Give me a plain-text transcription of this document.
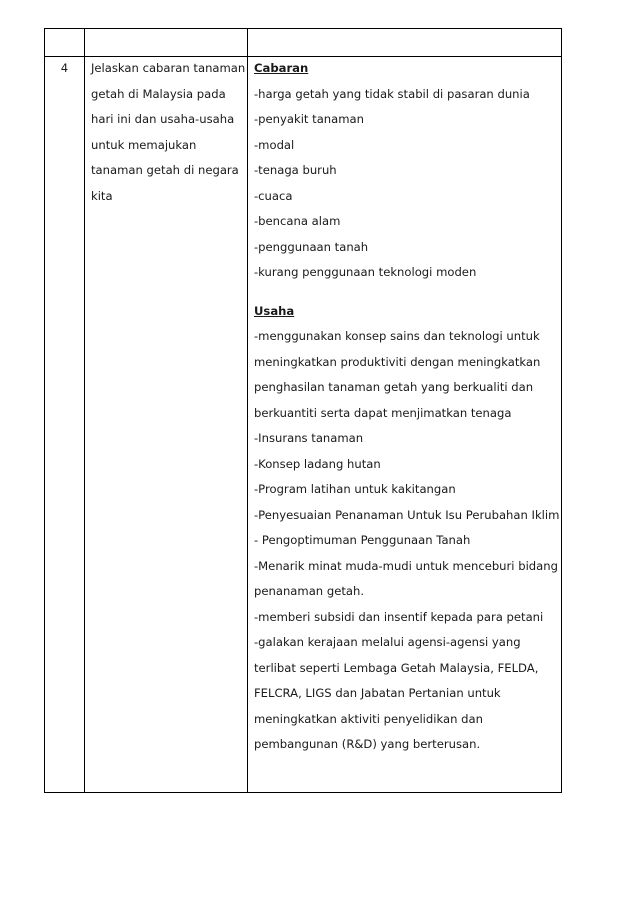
4	Jelaskan cabaran tanaman
getah di Malaysia pada
hari ini dan usaha-usaha
untuk memajukan
tanaman getah di negara
kita
Cabaran
-harga getah yang tidak stabil di pasaran dunia
-penyakit tanaman
-modal
-tenaga buruh
-cuaca
-bencana alam
-penggunaan tanah
-kurang penggunaan teknologi moden
Usaha
-menggunakan konsep sains dan teknologi untuk
meningkatkan produktiviti dengan meningkatkan
penghasilan tanaman getah yang berkualiti dan
berkuantiti serta dapat menjimatkan tenaga
-Insurans tanaman
-Konsep ladang hutan
-Program latihan untuk kakitangan
-Penyesuaian Penanaman Untuk Isu Perubahan Iklim
- Pengoptimuman Penggunaan Tanah
-Menarik minat muda-mudi untuk menceburi bidang
penanaman getah.
-memberi subsidi dan insentif kepada para petani
-galakan kerajaan melalui agensi-agensi yang
terlibat seperti Lembaga Getah Malaysia, FELDA,
FELCRA, LIGS dan Jabatan Pertanian untuk
meningkatkan aktiviti penyelidikan dan
pembangunan (R&D) yang berterusan.
